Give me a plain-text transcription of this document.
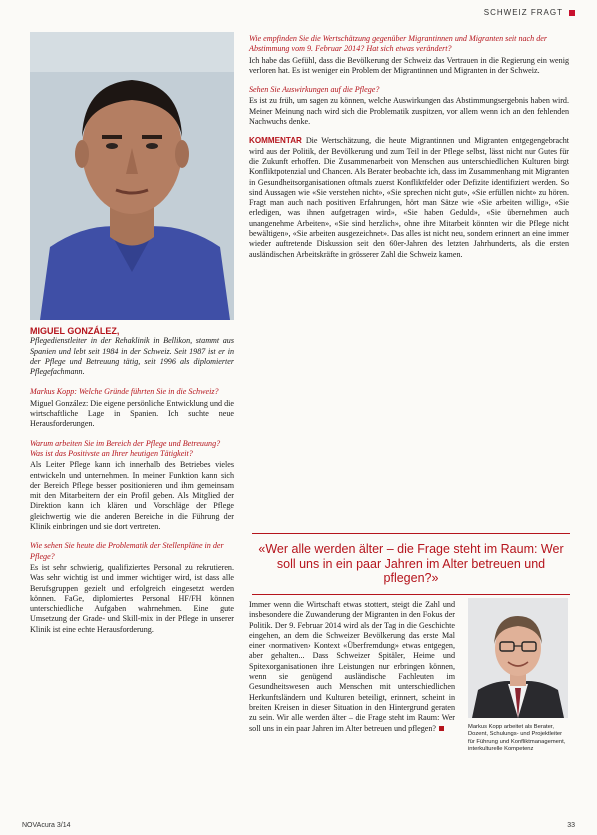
SCHWEIZ FRAGT

MIGUEL GONZÁLEZ,

Pflegedienstleiter in der Rehaklinik in Bellikon, stammt aus Spanien und lebt seit 1984 in der Schweiz. Seit 1987 ist er in der Pflege und Betreuung tätig, seit 1996 als diplomierter Pflegefachmann.

Markus Kopp: Welche Gründe führten Sie in die Schweiz?

Miguel González: Die eigene persönliche Entwicklung und die wirtschaftliche Lage in Spanien. Ich suchte neue Herausforderungen.

Warum arbeiten Sie im Bereich der Pflege und Betreuung? Was ist das Positivste an Ihrer heutigen Tätigkeit?

Als Leiter Pflege kann ich innerhalb des Betriebes vieles entwickeln und unternehmen. In meiner Funktion kann sich der Bereich Pflege besser positionieren und ihm gemeinsam mit den Mitarbeitern der ein Profil geben. Als Mitglied der Direktion kann ich klären und Vorschläge der Pflege gleichwertig wie die anderen Bereiche in die Führung der Klinik einbringen und sie dort vertreten.

Wie sehen Sie heute die Problematik der Stellenpläne in der Pflege?

Es ist sehr schwierig, qualifiziertes Personal zu rekrutieren. Was sehr wichtig ist und immer wichtiger wird, ist dass alle Berufsgruppen gezielt und erfolgreich eingesetzt werden können. FaGe, diplomiertes Personal HF/FH können unterschiedliche Aufgaben wahrnehmen. Eine gute Umsetzung der Grade- und Skill-mix in der Pflege in unserer Klinik ist eine echte Herausforderung.

Wie empfinden Sie die Wertschätzung gegenüber Migrantinnen und Migranten seit nach der Abstimmung vom 9. Februar 2014? Hat sich etwas verändert?

Ich habe das Gefühl, dass die Bevölkerung der Schweiz das Vertrauen in die Regierung ein wenig verloren hat. Es ist weniger ein Problem der Migrantinnen und Migranten in der Schweiz.

Sehen Sie Auswirkungen auf die Pflege?

Es ist zu früh, um sagen zu können, welche Auswirkungen das Abstimmungsergebnis haben wird. Meiner Meinung nach wird sich die Problematik zuspitzen, vor allem wenn ich an den fehlenden Nachwuchs denke.

KOMMENTAR Die Wertschätzung, die heute Migrantinnen und Migranten entgegengebracht wird aus der Politik, der Bevölkerung und zum Teil in der Pflege selbst, lässt nicht nur Gutes für die Zukunft erhoffen. Die Zusammenarbeit von Menschen aus unterschiedlichen Kulturen birgt Konfliktpotenzial und Chancen. Als Berater beobachte ich, dass im Zusammenhang mit Migranten in Gesundheitsorganisationen oftmals zuerst Konfliktfelder oder Defizite identifiziert werden. So sind Aussagen wie «Sie verstehen nicht», «Sie sprechen nicht gut», «Sie erfüllen nicht» zu hören. Fragt man auch nach positiven Erfahrungen, hört man Sätze wie «Sie arbeiten willig», «Sie erledigen, was ihnen aufgetragen wird», «Sie haben Geduld», «Sie übernehmen auch unangenehme Arbeiten», «Sie sind herzlich», ohne ihre Mitarbeit könnten wir die Pflege nicht bewältigen», «Sie arbeiten ausgezeichnet». Das alles ist nicht neu, sondern erinnert an eine immer wieder auftretende Diskussion seit den 60er-Jahren des letzten Jahrhunderts, als die ersten ausländischen Arbeitskräfte in grösserer Zahl die Schweiz kamen.

«Wer alle werden älter – die Frage steht im Raum: Wer soll uns in ein paar Jahren im Alter betreuen und pflegen?»
Immer wenn die Wirtschaft etwas stottert, steigt die Zahl und insbesondere die Zuwanderung der Migranten in den Fokus der Politik. Der 9. Februar 2014 wird als der Tag in die Geschichte eingehen, an dem die Schweizer Bevölkerung das erste Mal einer ‹normativen› Kontext «Überfremdung» etwas entgegen, aber gehalten... Dass Schweizer Spitäler, Heime und Spitexorganisationen ihre Leistungen nur erbringen können, wenn sie genügend ausländische Fachleuten im Gesundheitswesen auch Menschen mit unterschiedlichen Herkunftsländern und Kulturen beteiligt, erinnert, scheint in breiten Kreisen in dieser Situation in den Hintergrund geraten zu sein. Wir alle werden älter – die Frage steht im Raum: Wer soll uns in ein paar Jahren im Alter betreuen und pflegen?	Markus Kopp arbeitet als Berater, Dozent, Schulungs- und Projektleiter für Führung und Konfliktmanagement, interkulturelle Kompetenz
NOVAcura 3/14	33
